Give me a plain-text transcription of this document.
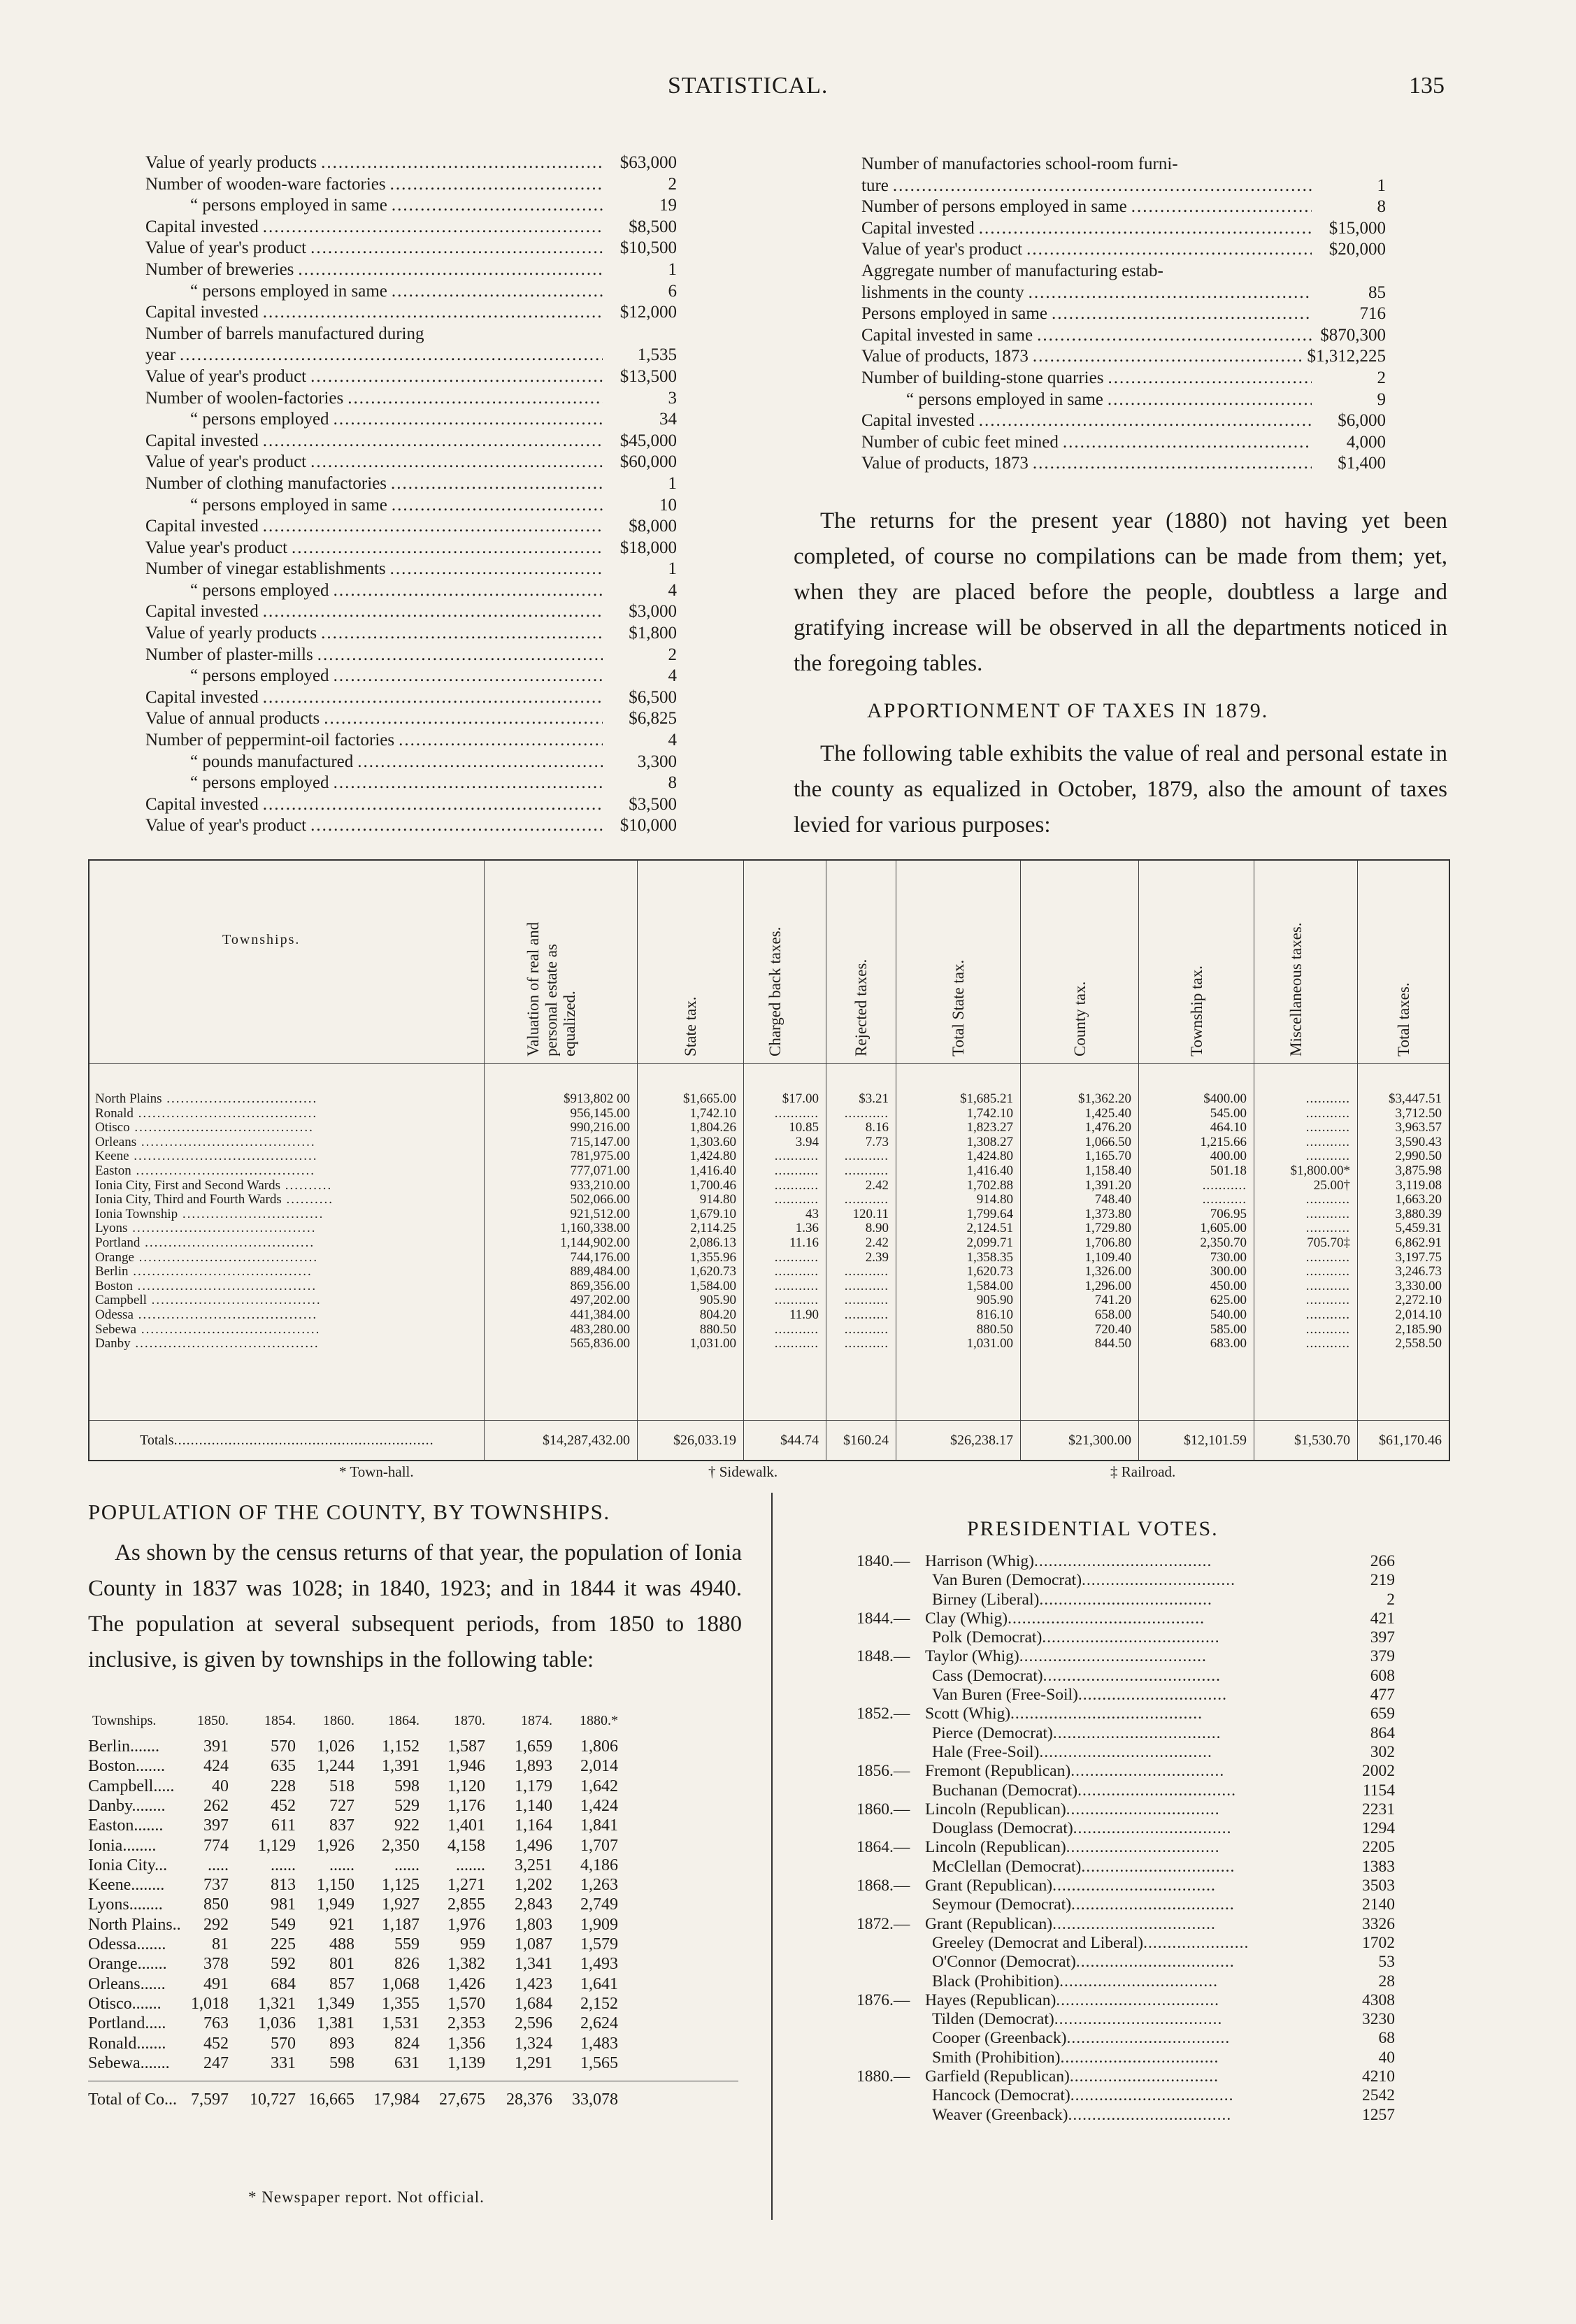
STATISTICAL.	135
Value of yearly products .....	$63,000
Number of wooden-ware factories .....	2
“ persons employed in same .....	19
Capital invested .....	$8,500
Value of year's product .....	$10,500
Number of breweries .....	1
“ persons employed in same .....	6
Capital invested .....	$12,000
Number of barrels manufactured during
year .....	1,535
Value of year's product .....	$13,500
Number of woolen-factories .....	3
“ persons employed .....	34
Capital invested .....	$45,000
Value of year's product .....	$60,000
Number of clothing manufactories .....	1
“ persons employed in same .....	10
Capital invested .....	$8,000
Value year's product .....	$18,000
Number of vinegar establishments .....	1
“ persons employed .....	4
Capital invested .....	$3,000
Value of yearly products .....	$1,800
Number of plaster-mills .....	2
“ persons employed .....	4
Capital invested .....	$6,500
Value of annual products .....	$6,825
Number of peppermint-oil factories .....	4
“ pounds manufactured .....	3,300
“ persons employed .....	8
Capital invested .....	$3,500
Value of year's product .....	$10,000
Number of manufactories school-room furni-
ture .....	1
Number of persons employed in same .....	8
Capital invested .....	$15,000
Value of year's product .....	$20,000
Aggregate number of manufacturing estab-
lishments in the county .....	85
Persons employed in same .....	716
Capital invested in same .....	$870,300
Value of products, 1873 .....	$1,312,225
Number of building-stone quarries .....	2
“ persons employed in same .....	9
Capital invested .....	$6,000
Number of cubic feet mined .....	4,000
Value of products, 1873 .....	$1,400

The returns for the present year (1880) not having yet been completed, of course no compilations can be made from them; yet, when they are placed before the people, doubtless a large and gratifying increase will be observed in all the departments noticed in the foregoing tables.

APPORTIONMENT OF TAXES IN 1879.

The following table exhibits the value of real and personal estate in the county as equalized in October, 1879, also the amount of taxes levied for various purposes:

Townships.	Valuation of real and personal estate as equalized.	State tax.	Charged back taxes.	Rejected taxes.	Total State tax.	County tax.	Township tax.	Miscellaneous taxes.	Total taxes.
North Plains ................................	$913,802 00	$1,665.00	$17.00	$3.21	$1,685.21	$1,362.20	$400.00	...........	$3,447.51
Ronald ......................................	956,145.00	1,742.10	........... ...........	1,742.10	1,425.40	545.00	...........	3,712.50
Otisco ......................................	990,216.00	1,804.26	10.85	8.16	1,823.27	1,476.20	464.10	...........	3,963.57
Orleans .....................................	715,147.00	1,303.60	3.94	7.73	1,308.27	1,066.50	1,215.66	...........	3,590.43
Keene .......................................	781,975.00	1,424.80	........... ...........	1,424.80	1,165.70	400.00	...........	2,990.50
Easton ......................................	777,071.00	1,416.40	........... ...........	1,416.40	1,158.40	501.18	$1,800.00*	3,875.98
Ionia City, First and Second Wards ..........	933,210.00	1,700.46	...........	2.42	1,702.88	1,391.20	...........	25.00†	3,119.08
Ionia City, Third and Fourth Wards ..........	502,066.00	914.80	........... ...........	914.80	748.40	...........	...........	1,663.20
Ionia Township ..............................	921,512.00	1,679.10	43	120.11	1,799.64	1,373.80	706.95	...........	3,880.39
Lyons .......................................	1,160,338.00	2,114.25	1.36	8.90	2,124.51	1,729.80	1,605.00	...........	5,459.31
Portland ....................................	1,144,902.00	2,086.13	11.16	2.42	2,099.71	1,706.80	2,350.70	705.70‡	6,862.91
Orange ......................................	744,176.00	1,355.96	...........	2.39	1,358.35	1,109.40	730.00	...........	3,197.75
Berlin ......................................	889,484.00	1,620.73	........... ...........	1,620.73	1,326.00	300.00	...........	3,246.73
Boston ......................................	869,356.00	1,584.00	........... ...........	1,584.00	1,296.00	450.00	...........	3,330.00
Campbell ....................................	497,202.00	905.90	........... ...........	905.90	741.20	625.00	...........	2,272.10
Odessa ......................................	441,384.00	804.20	11.90 ...........	816.10	658.00	540.00	...........	2,014.10
Sebewa ......................................	483,280.00	880.50	........... ...........	880.50	720.40	585.00	...........	2,185.90
Danby .......................................	565,836.00	1,031.00	........... ...........	1,031.00	844.50	683.00	...........	2,558.50
Totals..............................................................	$14,287,432.00	$26,033.19	$44.74 $160.24	$26,238.17	$21,300.00	$12,101.59	$1,530.70 $61,170.46
* Town-hall.	† Sidewalk.	‡ Railroad.
POPULATION OF THE COUNTY, BY TOWNSHIPS.

As shown by the census returns of that year, the population of Ionia County in 1837 was 1028; in 1840, 1923; and in 1844 it was 4940. The population at several subsequent periods, from 1850 to 1880 inclusive, is given by townships in the following table:

Townships.	1850.	1854. 1860. 1864. 1870.	1874. 1880.*
Berlin.......	391	570 1,026 1,152 1,587 1,659 1,806
Boston....... 424	635 1,244 1,391 1,946 1,893 2,014
Campbell..... 40	228 518 598 1,120 1,179 1,642
Danby........ 262	452 727 529 1,176 1,140 1,424
Easton....... 397	611 837 922 1,401 1,164 1,841
Ionia........	774 1,129 1,926 2,350 4,158 1,496 1,707
Ionia City... .....	...... ...... ...... ....... 3,251 4,186
Keene........ 737	813 1,150 1,125 1,271 1,202 1,263
Lyons........ 850	981 1,949 1,927 2,855 2,843 2,749
North Plains.. 292	549 921 1,187 1,976 1,803 1,909
Odessa.......	81	225 488 559 959 1,087 1,579
Orange....... 378	592 801 826 1,382 1,341 1,493
Orleans...... 491	684 857 1,068 1,426 1,423 1,641
Otisco....... 1,018 1,321 1,349 1,355 1,570 1,684 2,152
Portland..... 763 1,036 1,381 1,531 2,353 2,596 2,624
Ronald....... 452	570 893 824 1,356 1,324 1,483
Sebewa....... 247	331 598 631 1,139 1,291 1,565
Total of Co... 7,597 10,727 16,665 17,984 27,675 28,376 33,078
* Newspaper report. Not official.
PRESIDENTIAL VOTES.
1840.— Harrison (Whig).....................................	266
Van Buren (Democrat)................................	219
Birney (Liberal)....................................	2
1844.— Clay (Whig).........................................	421
Polk (Democrat).....................................	397
1848.— Taylor (Whig).......................................	379
Cass (Democrat).....................................	608
Van Buren (Free-Soil)...............................	477
1852.— Scott (Whig)........................................	659
Pierce (Democrat)...................................	864
Hale (Free-Soil)....................................	302
1856.— Fremont (Republican)................................	2002
Buchanan (Democrat).................................	1154
1860.— Lincoln (Republican)................................	2231
Douglass (Democrat).................................	1294
1864.— Lincoln (Republican)................................	2205
McClellan (Democrat)................................	1383
1868.— Grant (Republican)..................................	3503
Seymour (Democrat)..................................	2140
1872.— Grant (Republican)..................................	3326
Greeley (Democrat and Liberal)......................	1702
O'Connor (Democrat).................................	53
Black (Prohibition).................................	28
1876.— Hayes (Republican)..................................	4308
Tilden (Democrat)...................................	3230
Cooper (Greenback)..................................	68
Smith (Prohibition).................................	40
1880.— Garfield (Republican)...............................	4210
Hancock (Democrat)..................................	2542
Weaver (Greenback)..................................	1257
